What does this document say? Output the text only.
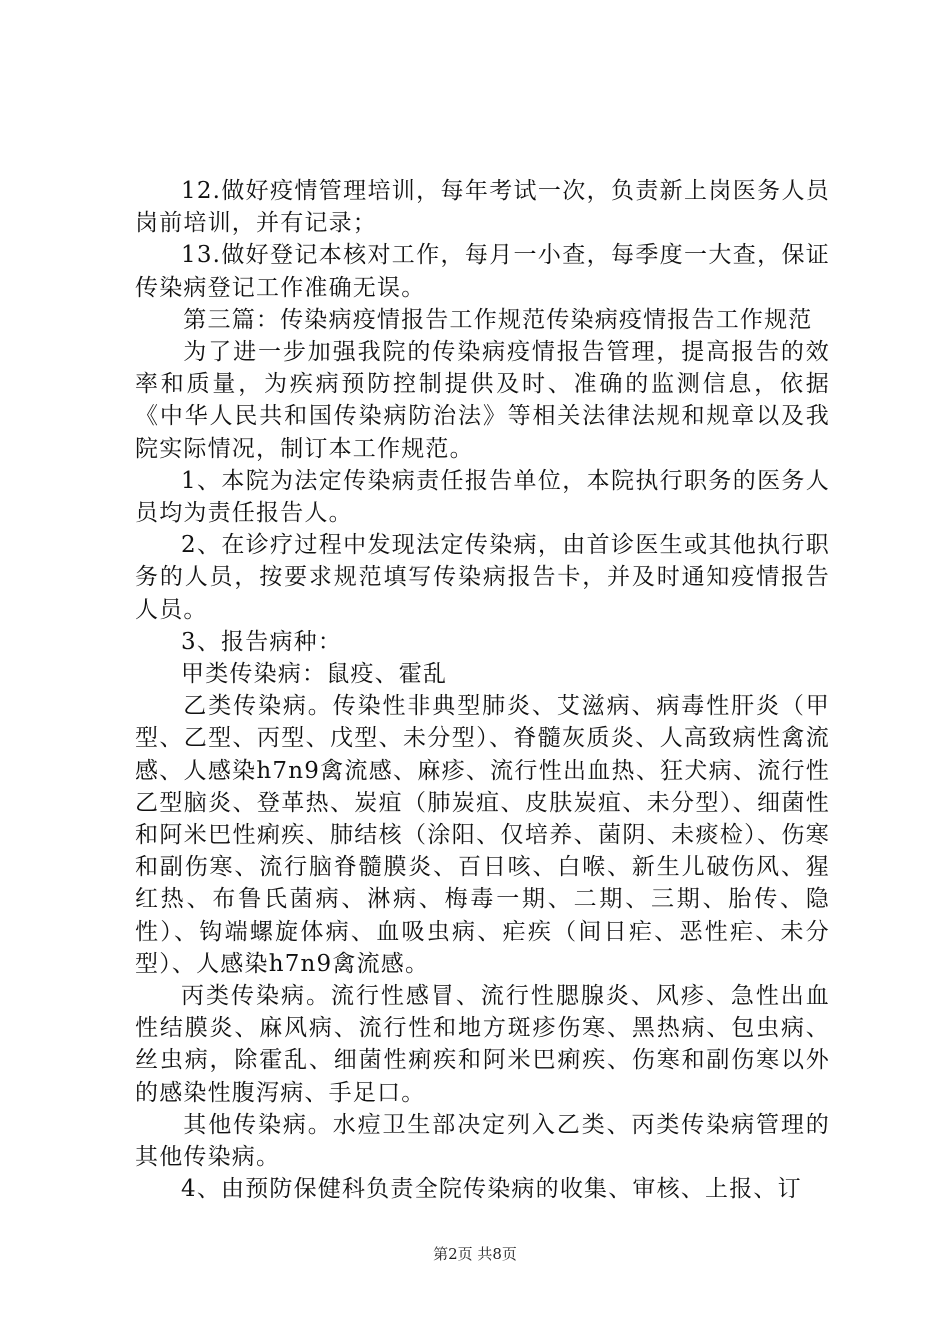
12.做好疫情管理培训，每年考试一次，负责新上岗医务人员岗前培训，并有记录；

13.做好登记本核对工作，每月一小查，每季度一大查，保证传染病登记工作准确无误。

第三篇：传染病疫情报告工作规范传染病疫情报告工作规范

为了进一步加强我院的传染病疫情报告管理，提高报告的效率和质量，为疾病预防控制提供及时、准确的监测信息，依据《中华人民共和国传染病防治法》等相关法律法规和规章以及我院实际情况，制订本工作规范。

1、本院为法定传染病责任报告单位，本院执行职务的医务人员均为责任报告人。

2、在诊疗过程中发现法定传染病，由首诊医生或其他执行职务的人员，按要求规范填写传染病报告卡，并及时通知疫情报告人员。

3、报告病种：

甲类传染病：鼠疫、霍乱

乙类传染病。传染性非典型肺炎、艾滋病、病毒性肝炎（甲型、乙型、丙型、戊型、未分型）、脊髓灰质炎、人高致病性禽流感、人感染h7n9禽流感、麻疹、流行性出血热、狂犬病、流行性乙型脑炎、登革热、炭疽（肺炭疽、皮肤炭疽、未分型）、细菌性和阿米巴性痢疾、肺结核（涂阳、仅培养、菌阴、未痰检）、伤寒和副伤寒、流行脑脊髓膜炎、百日咳、白喉、新生儿破伤风、猩红热、布鲁氏菌病、淋病、梅毒一期、二期、三期、胎传、隐性）、钩端螺旋体病、血吸虫病、疟疾（间日疟、恶性疟、未分型）、人感染h7n9禽流感。

丙类传染病。流行性感冒、流行性腮腺炎、风疹、急性出血性结膜炎、麻风病、流行性和地方斑疹伤寒、黑热病、包虫病、丝虫病，除霍乱、细菌性痢疾和阿米巴痢疾、伤寒和副伤寒以外的感染性腹泻病、手足口。

其他传染病。水痘卫生部决定列入乙类、丙类传染病管理的其他传染病。

4、由预防保健科负责全院传染病的收集、审核、上报、订

第2页 共8页
